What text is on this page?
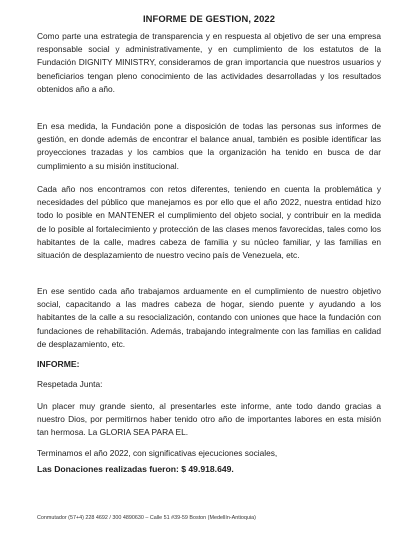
INFORME DE GESTION, 2022

Como parte una estrategia de transparencia y en respuesta al objetivo de ser una empresa responsable social y administrativamente, y en cumplimiento de los estatutos de la Fundación DIGNITY MINISTRY, consideramos de gran importancia que nuestros usuarios y beneficiarios tengan pleno conocimiento de las actividades desarrolladas y los resultados obtenidos año a año.

En esa medida, la Fundación pone a disposición de todas las personas sus informes de gestión, en donde además de encontrar el balance anual, también es posible identificar las proyecciones trazadas y los cambios que la organización ha tenido en busca de dar cumplimiento a su misión institucional.

Cada año nos encontramos con retos diferentes, teniendo en cuenta la problemática y necesidades del público que manejamos es por ello que el año 2022, nuestra entidad hizo todo lo posible en MANTENER el cumplimiento del objeto social, y contribuir en la medida de lo posible al fortalecimiento y protección de las clases menos favorecidas, tales como los habitantes de la calle, madres cabeza de familia y su núcleo familiar, y las familias en situación de desplazamiento de nuestro vecino país de Venezuela, etc.

En ese sentido cada año trabajamos arduamente en el cumplimiento de nuestro objetivo social, capacitando a las madres cabeza de hogar, siendo puente y ayudando a los habitantes de la calle a su resocialización, contando con uniones que hace la fundación con fundaciones de rehabilitación. Además, trabajando integralmente con las familias en calidad de desplazamiento, etc.

INFORME:
Respetada Junta:

Un placer muy grande siento, al presentarles este informe, ante todo dando gracias a nuestro Dios, por permitirnos haber tenido otro año de importantes labores en esta misión tan hermosa. La GLORIA SEA PARA EL.

Terminamos el año 2022, con significativas ejecuciones sociales,

Las Donaciones realizadas fueron: $ 49.918.649.
Conmutador (57+4) 228 4692 / 300 4890630 – Calle 51 #39-59 Boston (Medellín-Antioquia)
